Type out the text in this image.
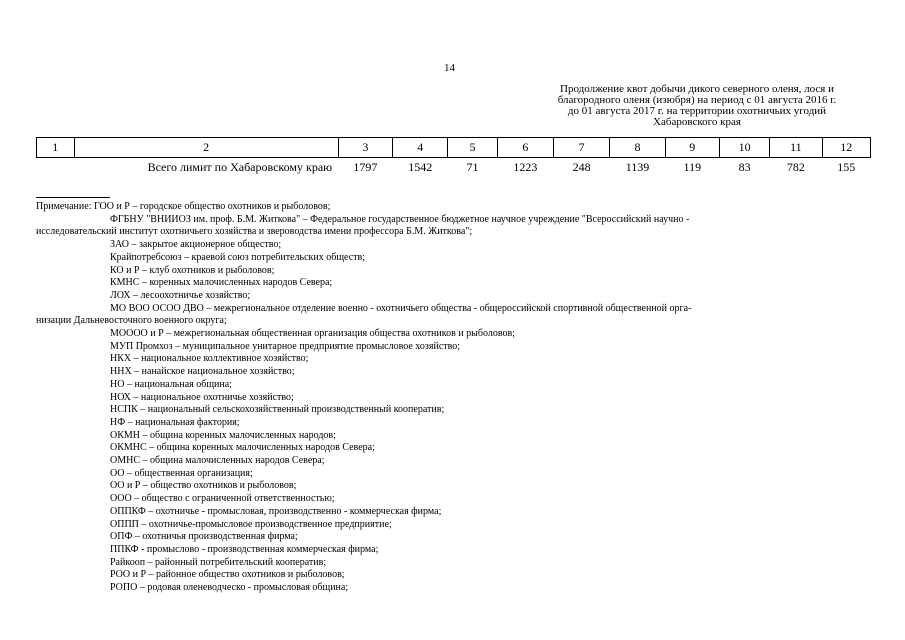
14
Продолжение квот добычи дикого северного оленя, лося и
благородного оленя (изюбря) на период с 01 августа 2016 г.
до 01 августа 2017 г. на территории охотничьих угодий
Хабаровского края
1	2	3	4	5	6	7	8	9	10	11	12
Всего лимит по Хабаровскому краю		1797	1542	71	1223	248	1139	119	83	782	155
Примечание: ГОО и Р – городское общество охотников и рыболовов;
ФГБНУ "ВНИИОЗ им. проф. Б.М. Житкова" – Федеральное государственное бюджетное научное учреждение "Всероссийский научно -
исследовательский институт охотничьего хозяйства и звероводства имени профессора Б.М. Житкова";
ЗАО – закрытое акционерное общество;
Крайпотребсоюз – краевой союз потребительских обществ;
КО и Р – клуб охотников и рыболовов;
КМНС – коренных малочисленных народов Севера;
ЛОХ – лесоохотничье хозяйство;
МО ВОО ОСОО ДВО – межрегиональное отделение военно - охотничьего общества - общероссийской спортивной общественной орга-
низации Дальневосточного военного округа;
МОООО и Р – межрегиональная общественная организация общества охотников и рыболовов;
МУП Промхоз – муниципальное унитарное предприятие промысловое хозяйство;
НКХ – национальное коллективное хозяйство;
ННХ – нанайское национальное хозяйство;
НО – национальная община;
НОХ – национальное охотничье хозяйство;
НСПК – национальный сельскохозяйственный производственный кооператив;
НФ – национальная фактория;
ОКМН – община коренных малочисленных народов;
ОКМНС – община коренных малочисленных народов Севера;
ОМНС – община малочисленных народов Севера;
ОО – общественная организация;
ОО и Р – общество охотников и рыболовов;
ООО – общество с ограниченной ответственностью;
ОППКФ – охотничье - промысловая, производственно - коммерческая фирма;
ОППП – охотничье-промысловое производственное предприятие;
ОПФ – охотничья производственная фирма;
ППКФ - промыслово - производственная коммерческая фирма;
Райкооп – районный потребительский кооператив;
РОО и Р – районное общество охотников и рыболовов;
РОПО – родовая оленеводческо - промысловая община;
